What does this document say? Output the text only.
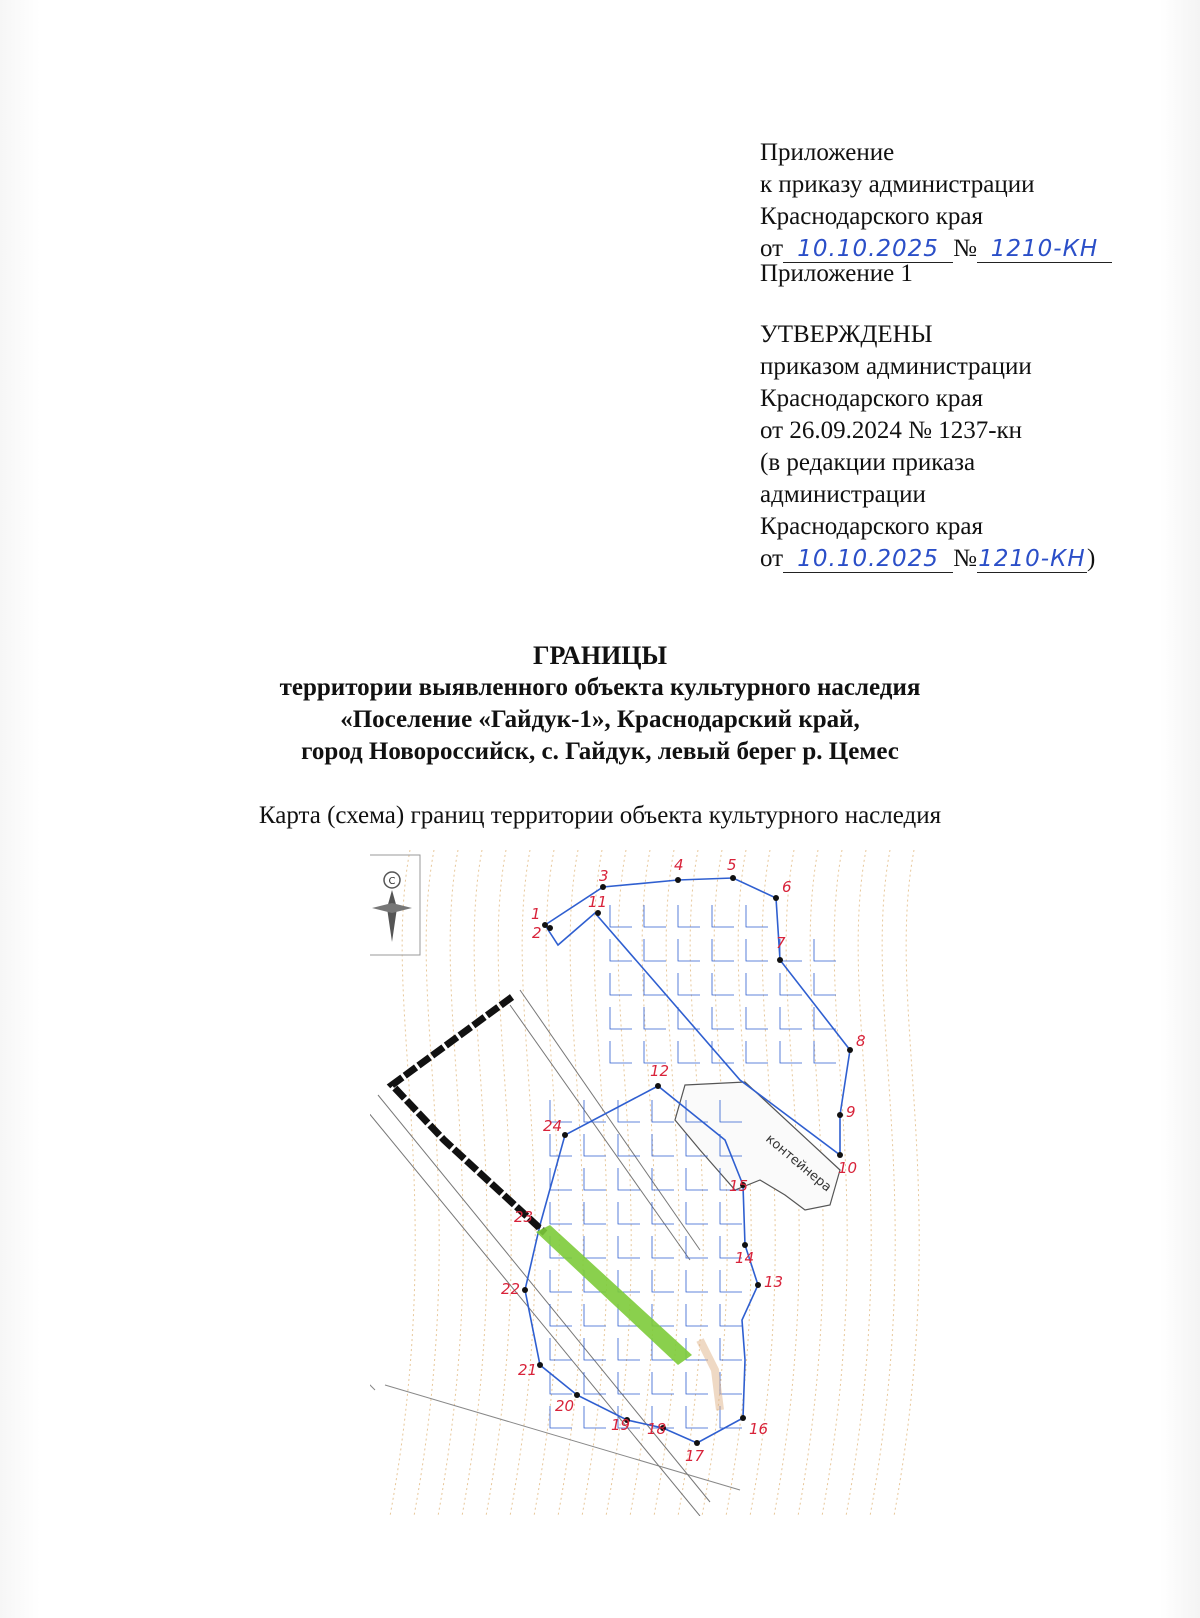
Приложение
к приказу администрации
Краснодарского края
от 10.10.2025 № 1210-КН
Приложение 1
УТВЕРЖДЕНЫ
приказом администрации
Краснодарского края
от 26.09.2024 № 1237-кн
(в редакции приказа
администрации
Краснодарского края
от 10.10.2025 №1210-КН)
ГРАНИЦЫ
территории выявленного объекта культурного наследия
«Поселение «Гайдук-1», Краснодарский край,
город Новороссийск, с. Гайдук, левый берег р. Цемес
Карта (схема) границ территории объекта культурного наследия
С
контейнера
1
2
3
4	5
6
7
8
9
10
11
12
13
14
15
16
17
18
19
20
21
22
23
24
